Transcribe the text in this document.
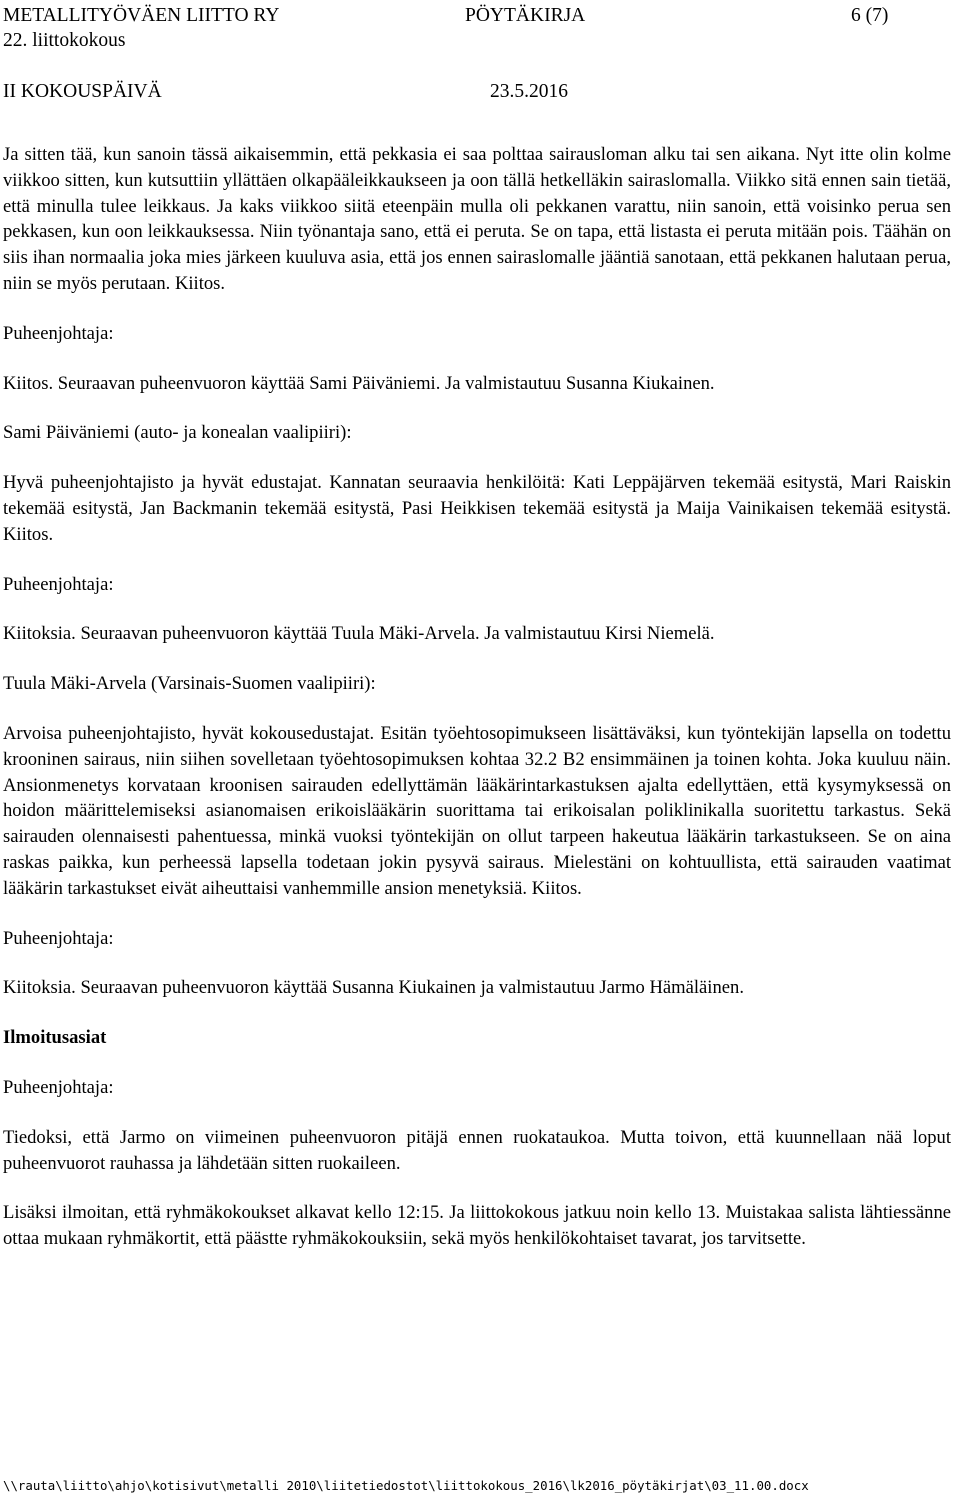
METALLITYÖVÄEN LIITTO RY	PÖYTÄKIRJA	6 (7)
22. liittokokous
II KOKOUSPÄIVÄ	23.5.2016

Ja sitten tää, kun sanoin tässä aikaisemmin, että pekkasia ei saa polttaa sairausloman alku tai sen aikana. Nyt itte olin kolme viikkoo sitten, kun kutsuttiin yllättäen olkapääleikkaukseen ja oon tällä hetkelläkin sairaslomalla. Viikko sitä ennen sain tietää, että minulla tulee leikkaus. Ja kaks viikkoo siitä eteenpäin mulla oli pekkanen varattu, niin sanoin, että voisinko perua sen pekkasen, kun oon leikkauksessa. Niin työnantaja sano, että ei peruta. Se on tapa, että listasta ei peruta mitään pois. Täähän on siis ihan normaalia joka mies järkeen kuuluva asia, että jos ennen sairaslomalle jääntiä sanotaan, että pekkanen halutaan perua, niin se myös perutaan. Kiitos.

Puheenjohtaja:

Kiitos. Seuraavan puheenvuoron käyttää Sami Päiväniemi. Ja valmistautuu Susanna Kiukainen.

Sami Päiväniemi (auto- ja konealan vaalipiiri):

Hyvä puheenjohtajisto ja hyvät edustajat. Kannatan seuraavia henkilöitä: Kati Leppäjärven tekemää esitystä, Mari Raiskin tekemää esitystä, Jan Backmanin tekemää esitystä, Pasi Heikkisen tekemää esitystä ja Maija Vainikaisen tekemää esitystä. Kiitos.

Puheenjohtaja:

Kiitoksia. Seuraavan puheenvuoron käyttää Tuula Mäki-Arvela. Ja valmistautuu Kirsi Niemelä.

Tuula Mäki-Arvela (Varsinais-Suomen vaalipiiri):

Arvoisa puheenjohtajisto, hyvät kokousedustajat. Esitän työehtosopimukseen lisättäväksi, kun työntekijän lapsella on todettu krooninen sairaus, niin siihen sovelletaan työehtosopimuksen kohtaa 32.2 B2 ensimmäinen ja toinen kohta. Joka kuuluu näin. Ansionmenetys korvataan kroonisen sairauden edellyttämän lääkärintarkastuksen ajalta edellyttäen, että kysymyksessä on hoidon määrittelemiseksi asianomaisen erikoislääkärin suorittama tai erikoisalan poliklinikalla suoritettu tarkastus. Sekä sairauden olennaisesti pahentuessa, minkä vuoksi työntekijän on ollut tarpeen hakeutua lääkärin tarkastukseen. Se on aina raskas paikka, kun perheessä lapsella todetaan jokin pysyvä sairaus. Mielestäni on kohtuullista, että sairauden vaatimat lääkärin tarkastukset eivät aiheuttaisi vanhemmille ansion menetyksiä. Kiitos.

Puheenjohtaja:

Kiitoksia. Seuraavan puheenvuoron käyttää Susanna Kiukainen ja valmistautuu Jarmo Hämäläinen.

Ilmoitusasiat
Puheenjohtaja:

Tiedoksi, että Jarmo on viimeinen puheenvuoron pitäjä ennen ruokataukoa. Mutta toivon, että kuunnellaan nää loput puheenvuorot rauhassa ja lähdetään sitten ruokaileen.

Lisäksi ilmoitan, että ryhmäkokoukset alkavat kello 12:15. Ja liittokokous jatkuu noin kello 13. Muistakaa salista lähtiessänne ottaa mukaan ryhmäkortit, että päästte ryhmäkokouksiin, sekä myös henkilökohtaiset tavarat, jos tarvitsette.

\\rauta\liitto\ahjo\kotisivut\metalli 2010\liitetiedostot\liittokokous_2016\lk2016_pöytäkirjat\03_11.00.docx
